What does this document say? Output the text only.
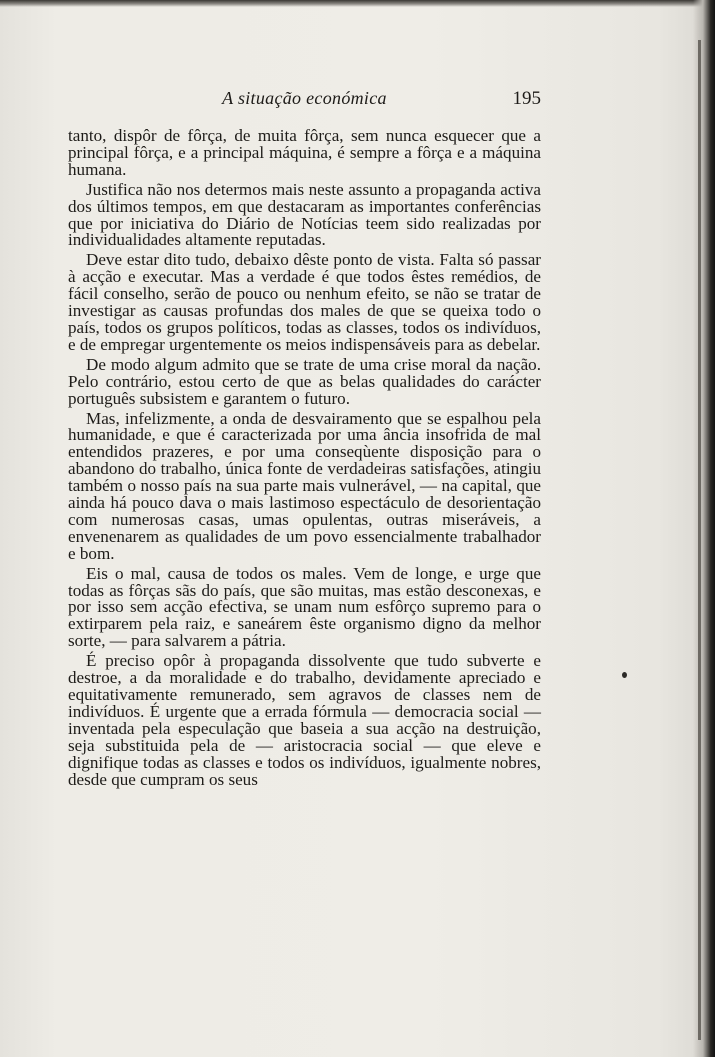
A situação económica	195

tanto, dispôr de fôrça, de muita fôrça, sem nunca esquecer que a principal fôrça, e a principal máquina, é sempre a fôrça e a máquina humana.

Justifica não nos determos mais neste assunto a propaganda activa dos últimos tempos, em que destacaram as importantes conferências que por iniciativa do Diário de Notícias teem sido realizadas por individualidades altamente reputadas.

Deve estar dito tudo, debaixo dêste ponto de vista. Falta só passar à acção e executar. Mas a verdade é que todos êstes remédios, de fácil conselho, serão de pouco ou nenhum efeito, se não se tratar de investigar as causas profundas dos males de que se queixa todo o país, todos os grupos políticos, todas as classes, todos os indivíduos, e de empregar urgentemente os meios indispensáveis para as debelar.

De modo algum admito que se trate de uma crise moral da nação. Pelo contrário, estou certo de que as belas qualidades do carácter português subsistem e garantem o futuro.

Mas, infelizmente, a onda de desvairamento que se espalhou pela humanidade, e que é caracterizada por uma ância insofrida de mal entendidos prazeres, e por uma conseqùente disposição para o abandono do trabalho, única fonte de verdadeiras satisfações, atingiu também o nosso país na sua parte mais vulnerável, — na capital, que ainda há pouco dava o mais lastimoso espectáculo de desorientação com numerosas casas, umas opulentas, outras miseráveis, a envenenarem as qualidades de um povo essencialmente trabalhador e bom.

Eis o mal, causa de todos os males. Vem de longe, e urge que todas as fôrças sãs do país, que são muitas, mas estão desconexas, e por isso sem acção efectiva, se unam num esfôrço supremo para o extirparem pela raiz, e saneárem êste organismo digno da melhor sorte, — para salvarem a pátria.

É preciso opôr à propaganda dissolvente que tudo subverte e destroe, a da moralidade e do trabalho, devidamente apreciado e equitativamente remunerado, sem agravos de classes nem de indivíduos. É urgente que a errada fórmula — democracia social — inventada pela especulação que baseia a sua acção na destruição, seja substituida pela de — aristocracia social — que eleve e dignifique todas as classes e todos os indivíduos, igualmente nobres, desde que cumpram os seus
